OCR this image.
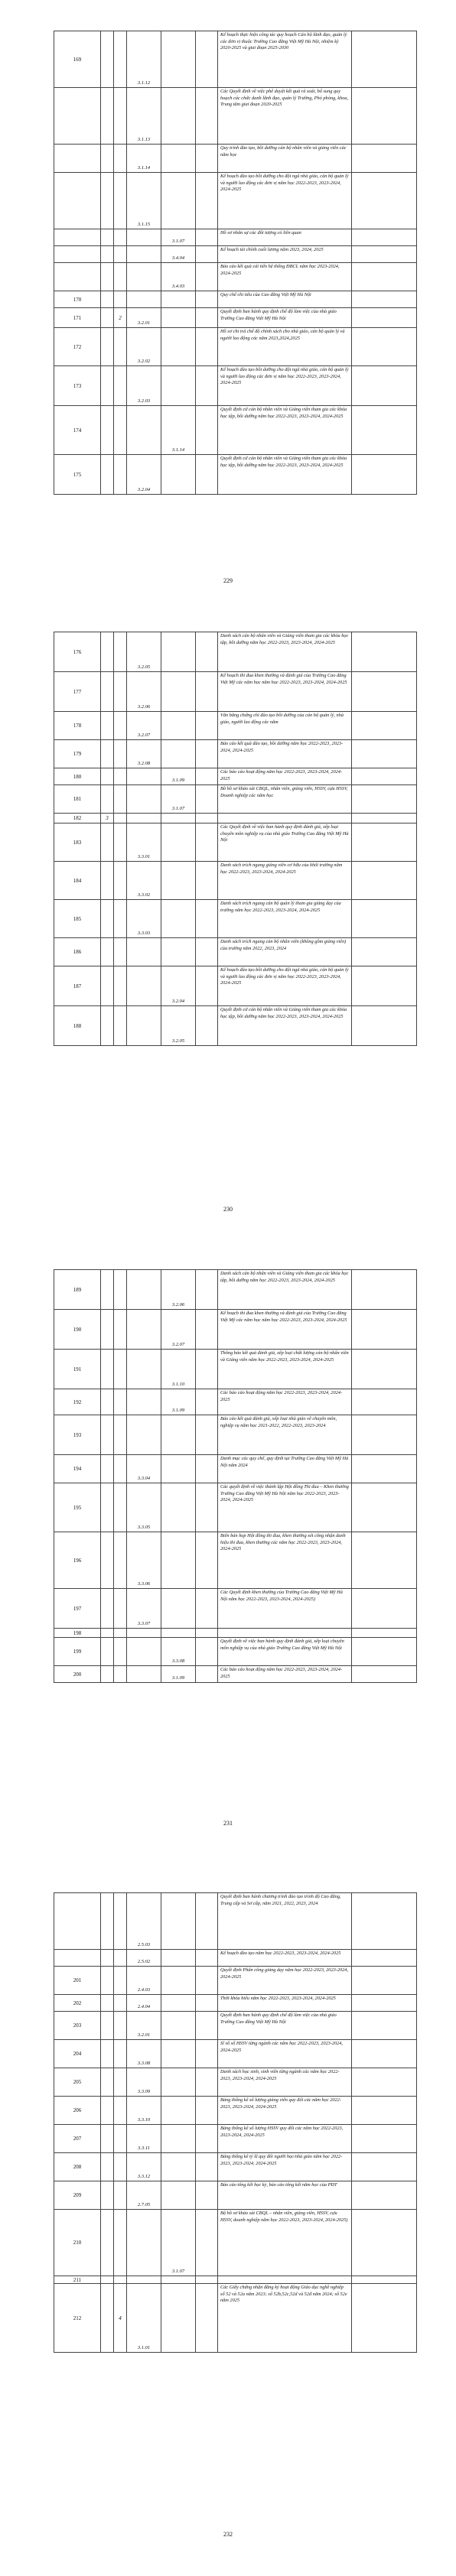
169			3.1.12			Kế hoạch thực hiện công tác quy hoạch Cán bộ lãnh đạo, quản lý các đơn vị thuộc Trường Cao đẳng Việt Mỹ Hà Nội, nhiệm kỳ 2020-2025 và giai đoạn 2025-2030	
			3.1.13			Các Quyết định về việc phê duyệt kết quả rà soát, bổ sung quy hoạch các chức danh lãnh đạo, quản lý Trường, Phó phòng, khoa, Trung tâm giai đoạn 2020-2025	
			3.1.14			Quy trình đào tạo, bồi dưỡng cán bộ nhân viên và giảng viên các năm học	
			3.1.15			Kế hoạch đào tạo bồi dưỡng cho đội ngũ nhà giáo, cán bộ quản lý và người lao động các đơn vị năm học 2022-2023, 2023-2024, 2024-2025	
				3.1.07		Hồ sơ nhân sự các đối tượng có liên quan	
				3.4.04		Kế hoạch tài chính cuối lương năm 2023, 2024, 2025	
				3.4.03		Báo cáo kết quả cải tiến hệ thống ĐBCL năm học 2023-2024, 2024-2025	
170						Quy chế chi tiêu của Cao đẳng Việt Mỹ Hà Nội	
171		2	3.2.01			Quyết định ban hành quy định chế độ làm việc của nhà giáo Trường Cao đẳng Việt Mỹ Hà Nội	
172			3.2.02			Hồ sơ chi trả chế độ chính sách cho nhà giáo, cán bộ quản lý và người lao động các năm 2023,2024,2025	
173			3.2.03			Kế hoạch đào tạo bồi dưỡng cho đội ngũ nhà giáo, cán bộ quản lý và người lao động các đơn vị năm học 2022-2023, 2023-2024, 2024-2025	
174				3.1.14		Quyết định cử cán bộ nhân viên và Giảng viên tham gia các khóa học tập, bồi dưỡng năm học 2022-2023, 2023-2024, 2024-2025	
175			3.2.04			Quyết định cử cán bộ nhân viên và Giảng viên tham gia các khóa học tập, bồi dưỡng năm học 2022-2023, 2023-2024, 2024-2025	
229
176			3.2.05			Danh sách cán bộ nhân viên và Giảng viên tham gia các khóa học tập, bồi dưỡng năm học 2022-2023, 2023-2024, 2024-2025	
177			3.2.06			Kế hoạch thi đua khen thưởng và đánh giá của Trường Cao đẳng Việt Mỹ các năm học năm học 2022-2023, 2023-2024, 2024-2025	
178			3.2.07			Văn bằng chứng chỉ đào tạo bồi dưỡng của cán bộ quản lý, nhà giáo, người lao động các năm	
179			3.2.08			Báo cáo kết quả đào tạo, bồi dưỡng năm học 2022-2023, 2023-2024, 2024-2025	
180				3.1.09		Các báo cáo hoạt động năm học 2022-2023, 2023-2024, 2024-2025	
181				3.1.07		Bồ hồ sơ khảo sát CBQL, nhân viên, giảng viên, HSSV, cựu HSSV, Doanh nghiệp các năm học	
182	3						
183			3.3.01			Các Quyết định về việc ban hành quy định đánh giá, xếp loại chuyên môn nghiệp vụ của nhà giáo Trường Cao đẳng Việt Mỹ Hà Nội	
184			3.3.02			Danh sách trích ngang giảng viên cơ hữu của khối trường năm học 2022-2023, 2023-2024, 2024-2025	
185			3.3.03			Danh sách trích ngang cán bộ quản lý tham gia giảng dạy của trường năm học 2022-2023, 2023-2024, 2024-2025	
186						Danh sách trích ngang cán bộ nhân viên (không gồm giảng viên) của trường năm 2022, 2023, 2024	
187				3.2.04		Kế hoạch đào tạo bồi dưỡng cho đội ngũ nhà giáo, cán bộ quản lý và người lao động các đơn vị năm học 2022-2023, 2023-2024, 2024-2025	
188				3.2.05		Quyết định cử cán bộ nhân viên và Giảng viên tham gia các khóa học tập, bồi dưỡng năm học 2022-2023, 2023-2024, 2024-2025	
230
189				3.2.06		Danh sách cán bộ nhân viên và Giảng viên tham gia các khóa học tập, bồi dưỡng năm học 2022-2023, 2023-2024, 2024-2025	
190				3.2.07		Kế hoạch thi đua khen thưởng và đánh giá của Trường Cao đẳng Việt Mỹ các năm học năm học 2022-2023, 2023-2024, 2024-2025	
191				3.1.10		Thông báo kết quả đánh giá, xếp loại chất lượng cán bộ nhân viên và Giảng viên năm học 2022-2023, 2023-2024, 2024-2025	
192				3.1.09		Các báo cáo hoạt động năm học 2022-2023, 2023-2024, 2024-2025	
193						Báo cáo kết quả đánh giá, xếp loại nhà giáo về chuyên môn, nghiệp vụ năm học 2021-2022, 2022-2023, 2023-2024	
194			3.3.04			Danh mục các quy chế, quy định tại Trường Cao đẳng Việt Mỹ Hà Nội năm 2024	
195			3.3.05			Các quyết định về việc thành lập Hội đồng Thi đua – Khen thưởng Trường Cao đẳng Việt Mỹ Hà Nội năm học 2022-2023, 2023-2024, 2024-2025	
196			3.3.06			Biên bản họp Hội đồng thi đua, khen thưởng xét công nhận danh hiệu thi đua, khen thưởng các năm học 2022-2023, 2023-2024, 2024-2025	
197			3.3.07			Các Quyết định khen thưởng của Trường Cao đẳng Việt Mỹ Hà Nội năm học 2022-2023, 2023-2024, 2024-2025)	
198							
199				3.3.08		Quyết định về việc ban hành quy định đánh giá, xếp loại chuyên môn nghiệp vụ của nhà giáo Trường Cao đẳng Việt Mỹ Hà Nội	
200				3.1.09		Các báo cáo hoạt động năm học 2022-2023, 2023-2024, 2024-2025	
231
			2.5.03			Quyết định ban hành chương trình đào tạo trình độ Cao đẳng, Trung cấp và Sơ cấp, năm 2021, 2022, 2023, 2024	
			2.5.02			Kế hoạch đào tạo năm học 2022-2023, 2023-2024, 2024-2025	
201			2.4.03			Quyết định Phân công giảng dạy năm học 2022-2023, 2023-2024, 2024-2025	
202			2.4.04			Thời khóa biểu năm học 2022-2023, 2023-2024, 2024-2025	
203			3.2.01			Quyết định ban hành quy định chế độ làm việc của nhà giáo Trường Cao đẳng Việt Mỹ Hà Nội	
204			3.3.08			Sĩ số số HSSV từng ngành các năm học 2022-2023, 2023-2024, 2024-2025	
205			3.3.09			Danh sách học sinh, sinh viên từng ngành các năm học 2022-2023, 2023-2024, 2024-2025	
206			3.3.10			Bảng thống kê số lượng giảng viên quy đổi các năm học 2022-2023, 2023-2024, 2024-2025	
207			3.3.11			Bảng thống kê số lượng HSSV quy đổi các năm học 2022-2023, 2023-2024, 2024-2025	
208			3.3.12			Bảng thống kê tỷ lệ quy đổi người học/nhà giáo năm học 2022-2023, 2023-2024, 2024-2025	
209			2.7.05			Báo cáo tổng kết học kỳ, báo cáo tổng kết năm học của PĐT	
210				3.1.07		Bộ hồ sơ khảo sát CBQL – nhân viên, giảng viên, HSSV, cựu HSSV, doanh nghiệp năm học 2022-2023, 2023-2024, 2024-2025)	
211							
212		4	3.1.01			Các Giấy chứng nhận đăng ký hoạt động Giáo dục nghề nghiệp số 52 và 52a năm 2023; số 52b,52c,52d và 52đ năm 2024; số 52e năm 2025	
232
